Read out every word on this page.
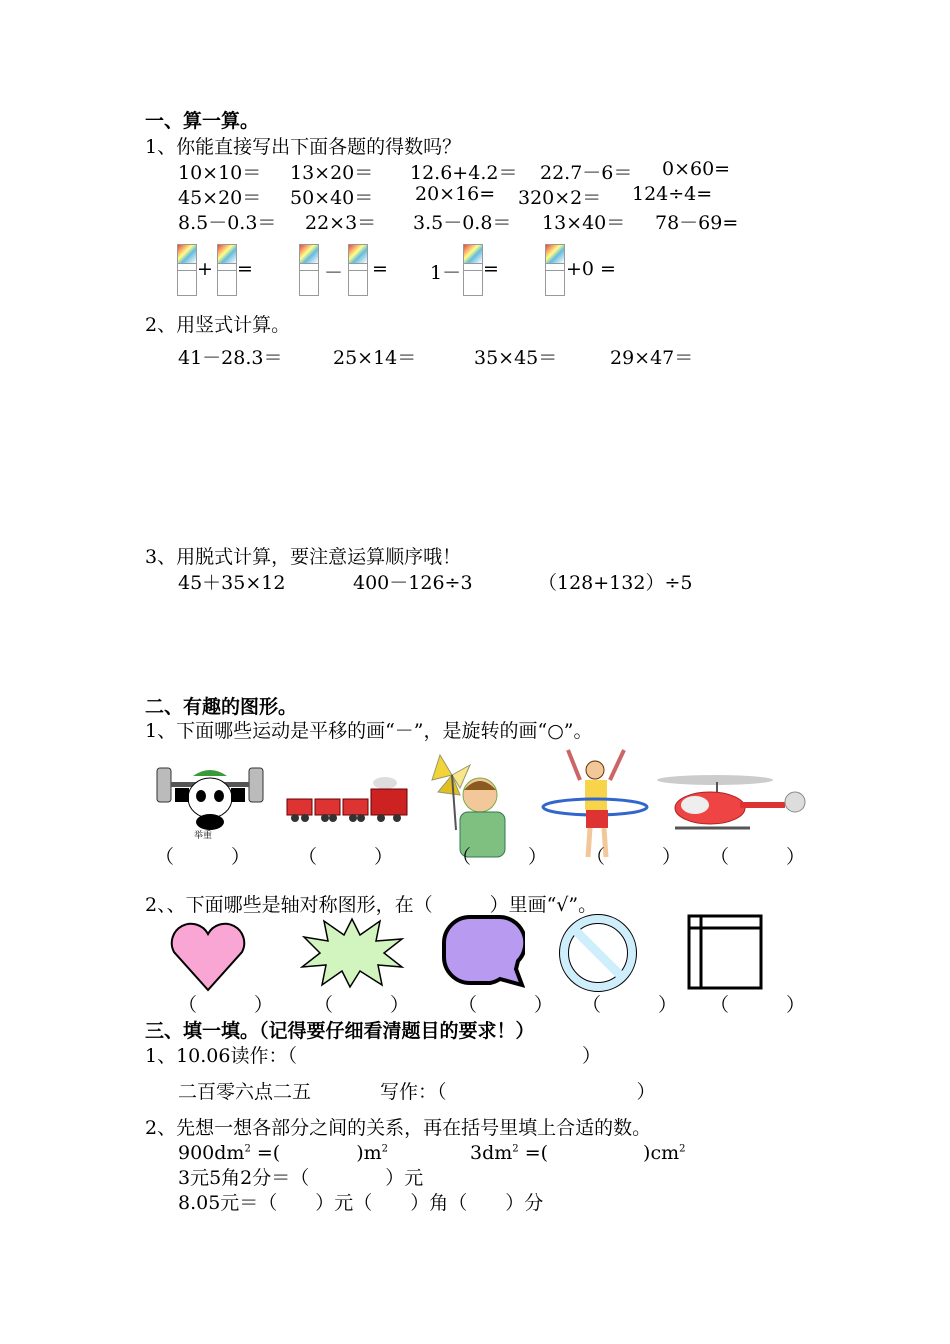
一、算一算。
1、你能直接写出下面各题的得数吗？
10×10＝ 13×20＝ 12.6+4.2＝ 22.7－6＝ 0×60=
45×20＝ 50×40＝ 20×16= 320×2＝ 124÷4=
8.5－0.3＝ 22×3＝ 3.5－0.8＝ 13×40＝ 78－69=
+ =	－ = 1－ =	+0 =
2、用竖式计算。
41－28.3＝	25×14＝	35×45＝	29×47＝
3、用脱式计算，要注意运算顺序哦！
45＋35×12	400－126÷3	（128+132）÷5
二、有趣的图形。
1、下面哪些运动是平移的画“－”，是旋转的画“○”。
举重
（　　　）	（　　　）	（　　　） （　　　） （　　　）
2、、下面哪些是轴对称图形，在（　　　）里画“√”。
（　　　） （　　　）	（　　　） （　　　） （　　　）
三、填一填。（记得要仔细看清题目的要求！）
1、10.06读作：（　　　　　　　　　　　　　　　）
二百零六点二五	写作：（　　　　　　　　　　）
2、先想一想各部分之间的关系，再在括号里填上合适的数。
$900dm^2$ =(　　　　)$m^2$	$3dm^2$ =(　　　　　)$cm^2$
3元5角2分＝（　　　　）元
8.05元＝（　　）元（　　）角（　　）分
